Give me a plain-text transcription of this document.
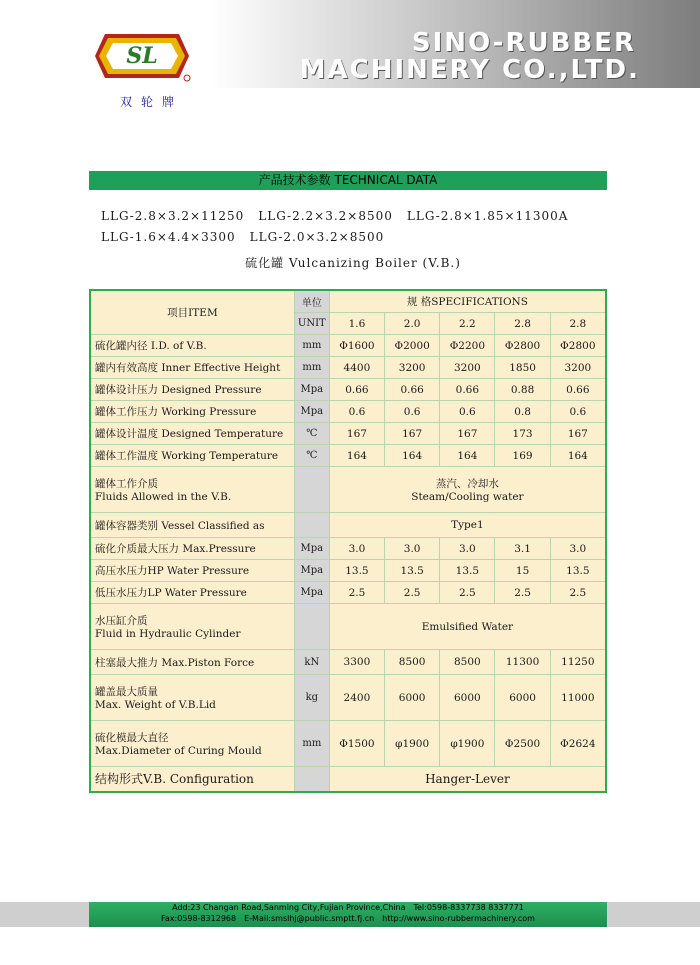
SL
双轮牌
SINO-RUBBER
MACHINERY CO.,LTD.
产品技术参数 TECHNICAL DATA
LLG-2.8×3.2×11250 LLG-2.2×3.2×8500 LLG-2.8×1.85×11300A
LLG-1.6×4.4×3300 LLG-2.0×3.2×8500
硫化罐 Vulcanizing Boiler (V.B.)
项目ITEM	单位	规 格SPECIFICATIONS				
	UNIT	1.6	2.0	2.2	2.8	2.8
硫化罐内径 I.D. of V.B.	mm	Φ1600	Φ2000	Φ2200	Φ2800	Φ2800
罐内有效高度 Inner Effective Height	mm	4400	3200	3200	1850	3200
罐体设计压力 Designed Pressure	Mpa	0.66	0.66	0.66	0.88	0.66
罐体工作压力 Working Pressure	Mpa	0.6	0.6	0.6	0.8	0.6
罐体设计温度 Designed Temperature	℃	167	167	167	173	167
罐体工作温度 Working Temperature	℃	164	164	164	169	164
罐体工作介质
Fluids Allowed in the V.B.		蒸汽、冷却水
Steam/Cooling water				
罐体容器类别 Vessel Classified as		Type1				
硫化介质最大压力 Max.Pressure	Mpa	3.0	3.0	3.0	3.1	3.0
高压水压力HP Water Pressure	Mpa	13.5	13.5	13.5	15	13.5
低压水压力LP Water Pressure	Mpa	2.5	2.5	2.5	2.5	2.5
水压缸介质
Fluid in Hydraulic Cylinder		Emulsified Water				
柱塞最大推力 Max.Piston Force	kN	3300	8500	8500	11300	11250
罐盖最大质量
Max. Weight of V.B.Lid	kg	2400	6000	6000	6000	11000
硫化模最大直径
Max.Diameter of Curing Mould	mm	Φ1500	φ1900	φ1900	Φ2500	Φ2624
结构形式V.B. Configuration		Hanger-Lever				
Add:23 Changan Road,Sanming City,Fujian Province,China Tel:0598-8337738 8337771
Fax:0598-8312968 E-Mail:smslhj@public.smptt.fj.cn http://www.sino-rubbermachinery.com
